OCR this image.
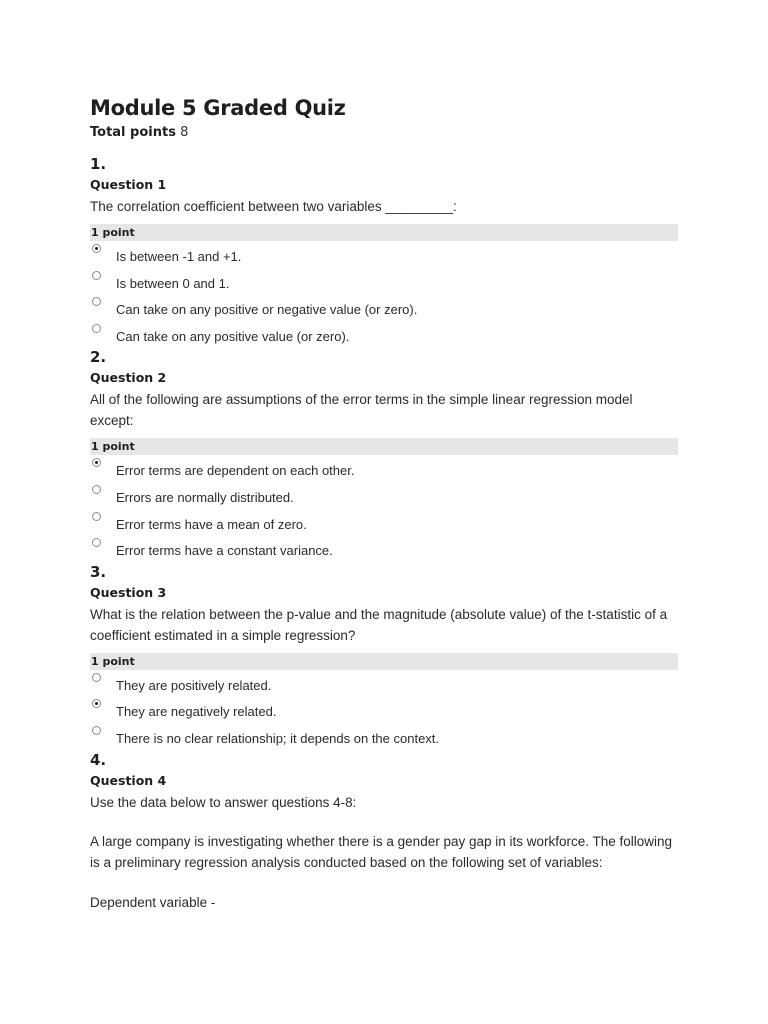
Module 5 Graded Quiz
Total points 8
1.
Question 1
The correlation coefficient between two variables _________:
1 point
Is between -1 and +1.
Is between 0 and 1.
Can take on any positive or negative value (or zero).
Can take on any positive value (or zero).
2.
Question 2
All of the following are assumptions of the error terms in the simple linear regression model except:
1 point
Error terms are dependent on each other.
Errors are normally distributed.
Error terms have a mean of zero.
Error terms have a constant variance.
3.
Question 3
What is the relation between the p-value and the magnitude (absolute value) of the t-statistic of a coefficient estimated in a simple regression?
1 point
They are positively related.
They are negatively related.
There is no clear relationship; it depends on the context.
4.
Question 4
Use the data below to answer questions 4-8:
A large company is investigating whether there is a gender pay gap in its workforce. The following is a preliminary regression analysis conducted based on the following set of variables:
Dependent variable -
